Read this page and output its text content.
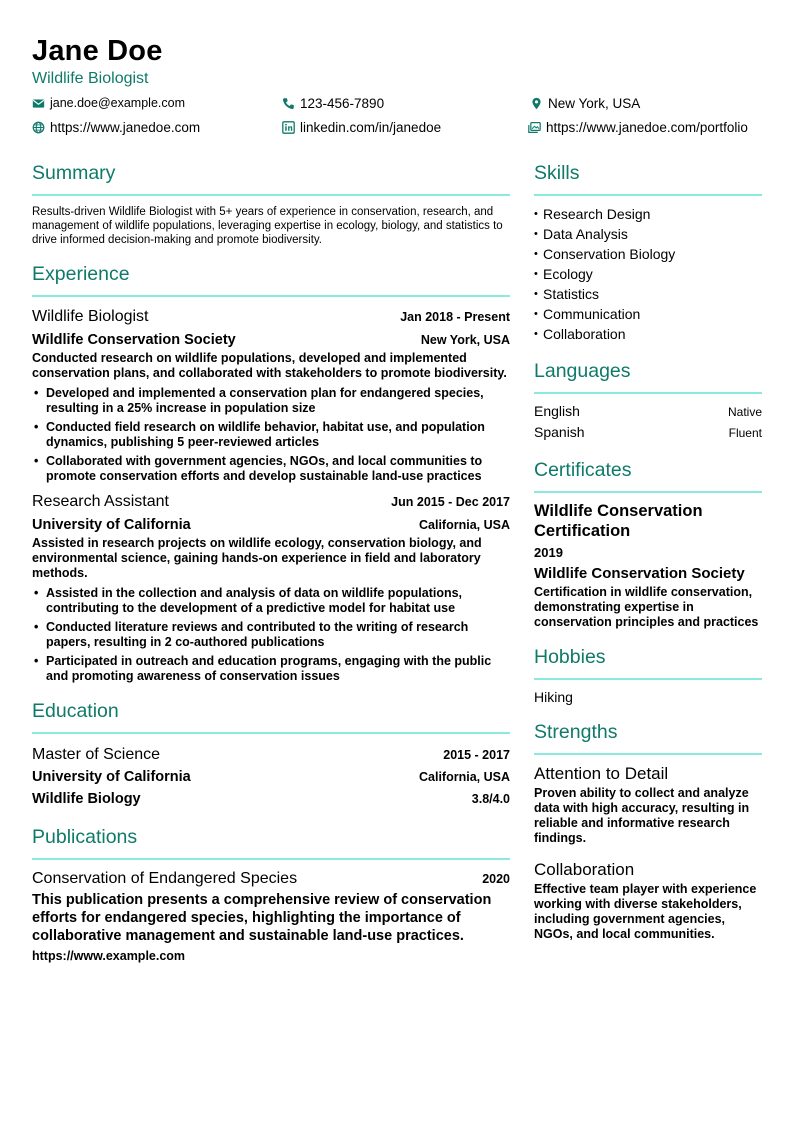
Jane Doe
Wildlife Biologist
jane.doe@example.com	123-456-7890	New York, USA
https://www.janedoe.com	linkedin.com/in/janedoe	https://www.janedoe.com/portfolio
Summary
Results-driven Wildlife Biologist with 5+ years of experience in conservation, research, and management of wildlife populations, leveraging expertise in ecology, biology, and statistics to drive informed decision-making and promote biodiversity.
Experience
Wildlife Biologist	Jan 2018 - Present
Wildlife Conservation Society	New York, USA
Conducted research on wildlife populations, developed and implemented conservation plans, and collaborated with stakeholders to promote biodiversity.
• Developed and implemented a conservation plan for endangered species, resulting in a 25% increase in population size
• Conducted field research on wildlife behavior, habitat use, and population dynamics, publishing 5 peer-reviewed articles
• Collaborated with government agencies, NGOs, and local communities to promote conservation efforts and develop sustainable land-use practices
Research Assistant	Jun 2015 - Dec 2017
University of California	California, USA
Assisted in research projects on wildlife ecology, conservation biology, and environmental science, gaining hands-on experience in field and laboratory methods.
• Assisted in the collection and analysis of data on wildlife populations, contributing to the development of a predictive model for habitat use
• Conducted literature reviews and contributed to the writing of research papers, resulting in 2 co-authored publications
• Participated in outreach and education programs, engaging with the public and promoting awareness of conservation issues
Education
Master of Science	2015 - 2017
University of California	California, USA
Wildlife Biology	3.8/4.0
Publications
Conservation of Endangered Species	2020
This publication presents a comprehensive review of conservation efforts for endangered species, highlighting the importance of collaborative management and sustainable land-use practices.
https://www.example.com
Skills
• Research Design
• Data Analysis
• Conservation Biology
• Ecology
• Statistics
• Communication
• Collaboration
Languages
English	Native
Spanish	Fluent
Certificates
Wildlife Conservation Certification
2019
Wildlife Conservation Society
Certification in wildlife conservation, demonstrating expertise in conservation principles and practices
Hobbies
Hiking
Strengths
Attention to Detail
Proven ability to collect and analyze data with high accuracy, resulting in reliable and informative research findings.
Collaboration
Effective team player with experience working with diverse stakeholders, including government agencies, NGOs, and local communities.
